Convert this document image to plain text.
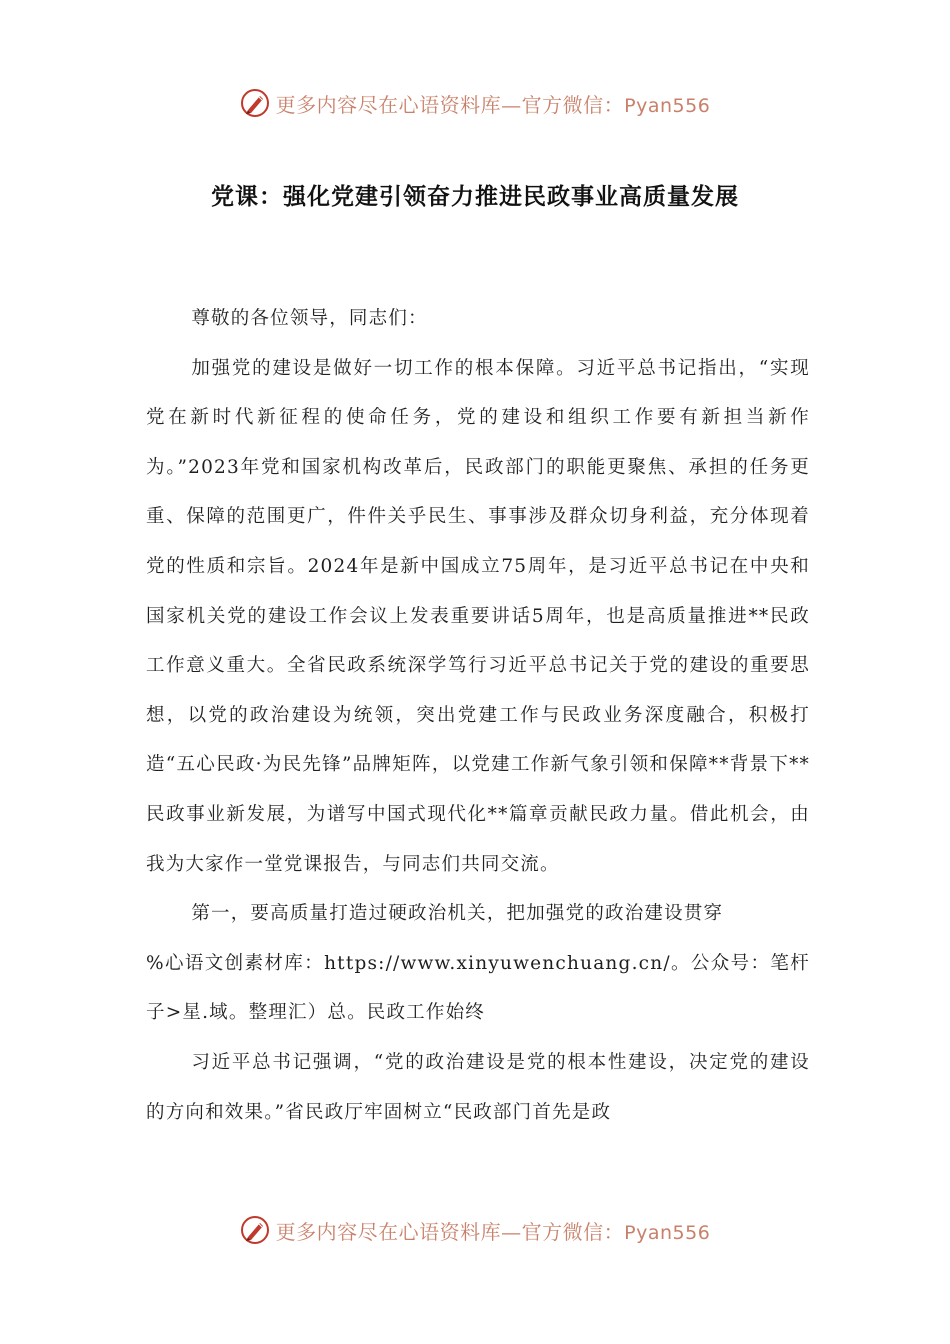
更多内容尽在心语资料库—官方微信：Pyan556
党课：强化党建引领奋力推进民政事业高质量发展

尊敬的各位领导，同志们：

加强党的建设是做好一切工作的根本保障。习近平总书记指出，“实现党在新时代新征程的使命任务，党的建设和组织工作要有新担当新作为。”2023年党和国家机构改革后，民政部门的职能更聚焦、承担的任务更重、保障的范围更广，件件关乎民生、事事涉及群众切身利益，充分体现着党的性质和宗旨。2024年是新中国成立75周年，是习近平总书记在中央和国家机关党的建设工作会议上发表重要讲话5周年，也是高质量推进**民政工作意义重大。全省民政系统深学笃行习近平总书记关于党的建设的重要思想，以党的政治建设为统领，突出党建工作与民政业务深度融合，积极打造“五心民政·为民先锋”品牌矩阵，以党建工作新气象引领和保障**背景下**民政事业新发展，为谱写中国式现代化**篇章贡献民政力量。借此机会，由我为大家作一堂党课报告，与同志们共同交流。

第一，要高质量打造过硬政治机关，把加强党的政治建设贯穿

%心语文创素材库：https://www.xinyuwenchuang.cn/。公众号：笔杆子>星.域。整理汇）总。民政工作始终

习近平总书记强调，“党的政治建设是党的根本性建设，决定党的建设的方向和效果。”省民政厅牢固树立“民政部门首先是政

更多内容尽在心语资料库—官方微信：Pyan556
